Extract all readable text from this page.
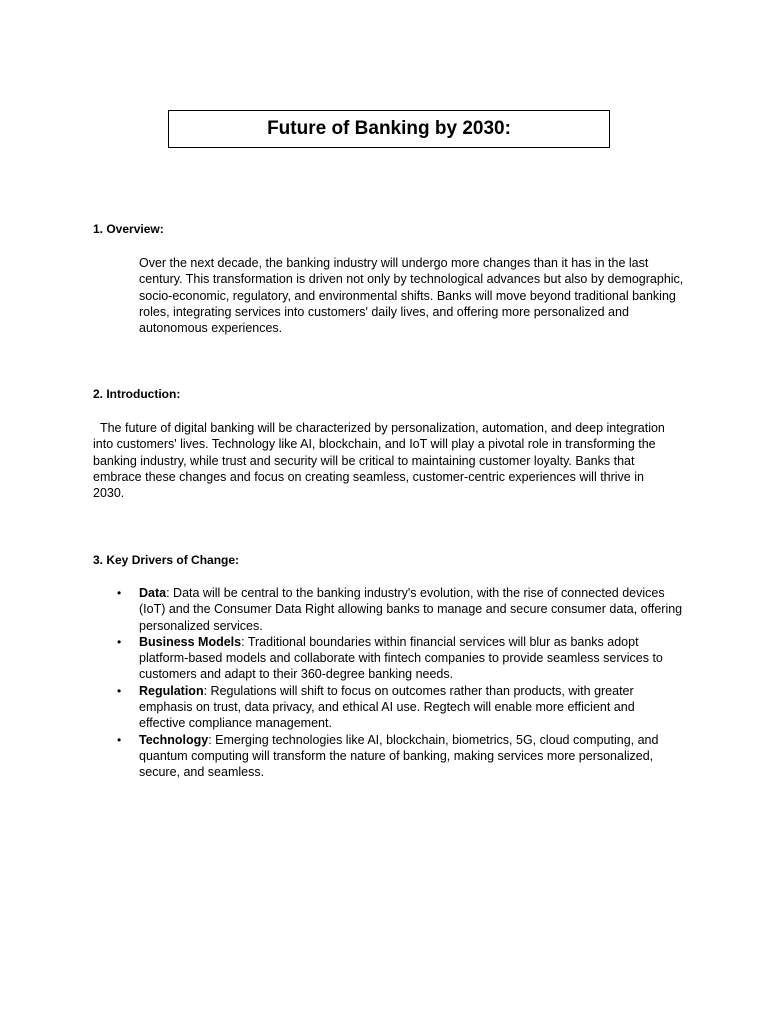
Future of Banking by 2030:
1. Overview:

Over the next decade, the banking industry will undergo more changes than it has in the last century. This transformation is driven not only by technological advances but also by demographic, socio-economic, regulatory, and environmental shifts. Banks will move beyond traditional banking roles, integrating services into customers' daily lives, and offering more personalized and autonomous experiences.

2. Introduction:

The future of digital banking will be characterized by personalization, automation, and deep integration into customers' lives. Technology like AI, blockchain, and IoT will play a pivotal role in transforming the banking industry, while trust and security will be critical to maintaining customer loyalty. Banks that embrace these changes and focus on creating seamless, customer-centric experiences will thrive in 2030.

3. Key Drivers of Change:
• Data: Data will be central to the banking industry's evolution, with the rise of connected devices (IoT) and the Consumer Data Right allowing banks to manage and secure consumer data, offering personalized services.
• Business Models: Traditional boundaries within financial services will blur as banks adopt platform-based models and collaborate with fintech companies to provide seamless services to customers and adapt to their 360-degree banking needs.
• Regulation: Regulations will shift to focus on outcomes rather than products, with greater emphasis on trust, data privacy, and ethical AI use. Regtech will enable more efficient and effective compliance management.
• Technology: Emerging technologies like AI, blockchain, biometrics, 5G, cloud computing, and quantum computing will transform the nature of banking, making services more personalized, secure, and seamless.
